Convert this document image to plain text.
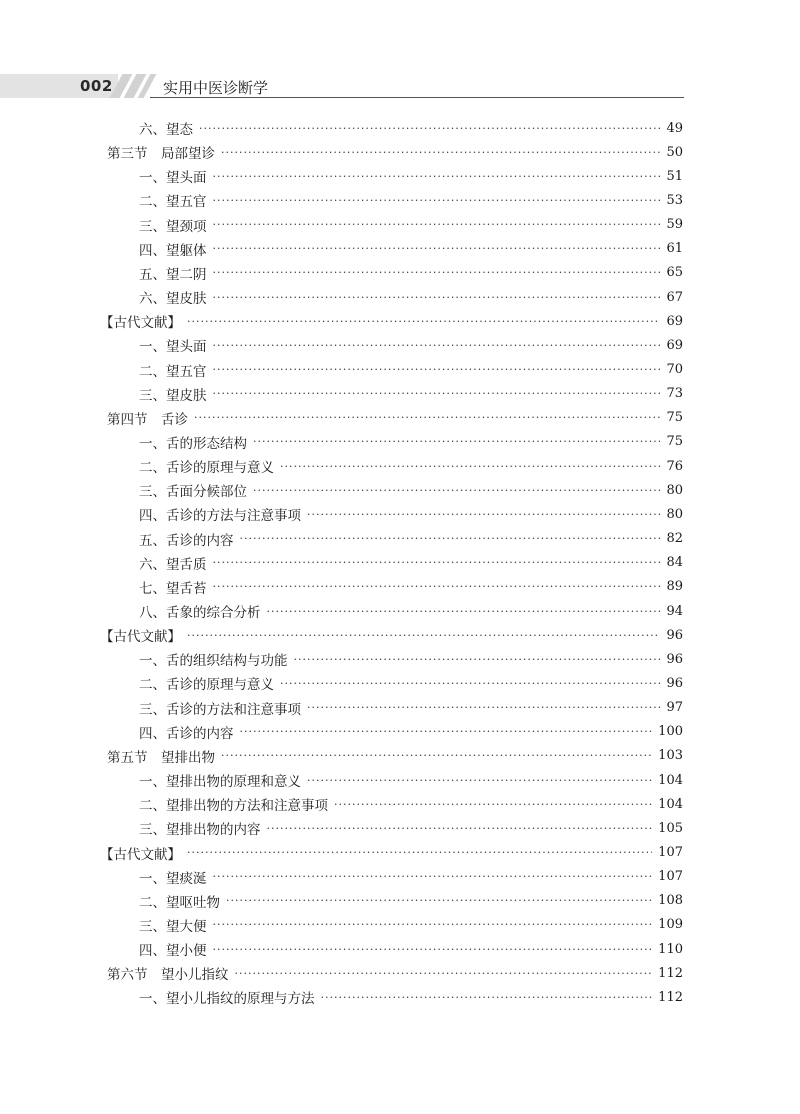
002	实用中医诊断学
六、望态 ·····	49
第三节　局部望诊 ·····	50
一、望头面 ·····	51
二、望五官 ·····	53
三、望颈项 ·····	59
四、望躯体 ·····	61
五、望二阴 ·····	65
六、望皮肤 ·····	67
【古代文献】 ·····	69
一、望头面 ·····	69
二、望五官 ·····	70
三、望皮肤 ·····	73
第四节　舌诊 ·····	75
一、舌的形态结构 ·····	75
二、舌诊的原理与意义 ·····	76
三、舌面分候部位 ·····	80
四、舌诊的方法与注意事项 ·····	80
五、舌诊的内容 ·····	82
六、望舌质 ·····	84
七、望舌苔 ·····	89
八、舌象的综合分析 ·····	94
【古代文献】 ·····	96
一、舌的组织结构与功能 ·····	96
二、舌诊的原理与意义 ·····	96
三、舌诊的方法和注意事项 ·····	97
四、舌诊的内容 ·····	100
第五节　望排出物 ·····	103
一、望排出物的原理和意义 ·····	104
二、望排出物的方法和注意事项 ·····	104
三、望排出物的内容 ·····	105
【古代文献】 ·····	107
一、望痰涎 ·····	107
二、望呕吐物 ·····	108
三、望大便 ·····	109
四、望小便 ·····	110
第六节　望小儿指纹 ·····	112
一、望小儿指纹的原理与方法 ·····	112
